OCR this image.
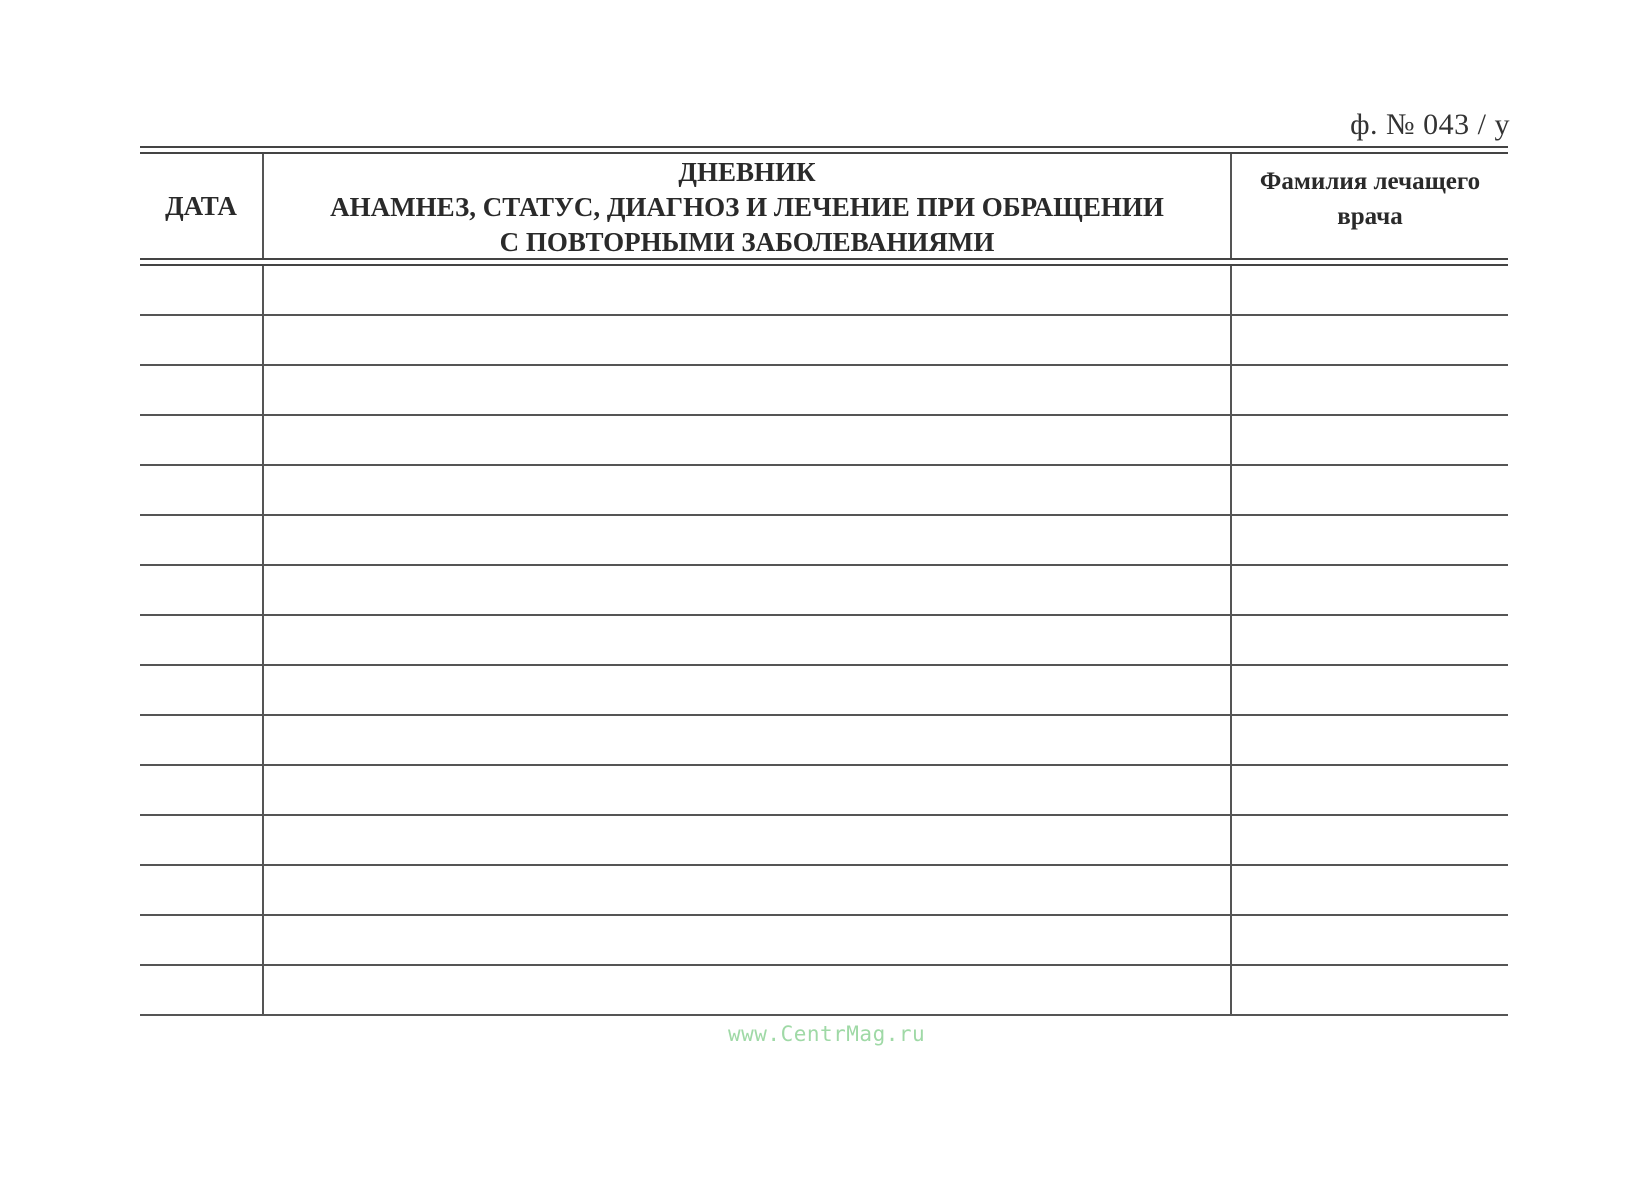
ф. № 043 / у
ДАТА
ДНЕВНИК
АНАМНЕЗ, СТАТУС, ДИАГНОЗ И ЛЕЧЕНИЕ ПРИ ОБРАЩЕНИИ
С ПОВТОРНЫМИ ЗАБОЛЕВАНИЯМИ
Фамилия лечащего
врача
www.CentrMag.ru
